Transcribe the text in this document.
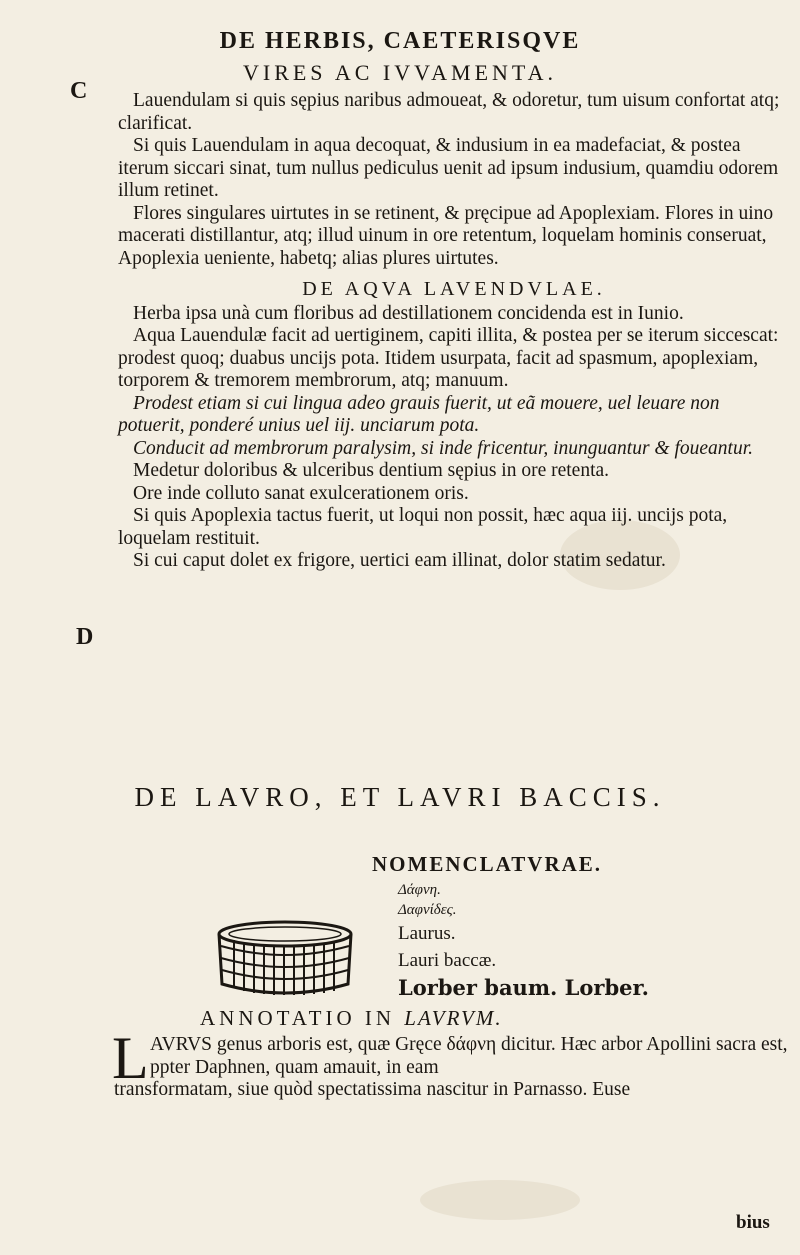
DE HERBIS, CAETERISQVE
VIRES AC IVVAMENTA.
C
D

Lauendulam si quis sępius naribus admoueat, & odoretur, tum uisum confortat atq; clarificat.

Si quis Lauendulam in aqua decoquat, & indusium in ea madefaciat, & postea iterum siccari sinat, tum nullus pediculus uenit ad ipsum indusium, quamdiu odorem illum retinet.

Flores singulares uirtutes in se retinent, & pręcipue ad Apoplexiam. Flores in uino macerati distillantur, atq; illud uinum in ore retentum, loquelam hominis conseruat, Apoplexia ueniente, habetq; alias plures uirtutes.

DE AQVA LAVENDVLAE.

Herba ipsa unà cum floribus ad destillationem concidenda est in Iunio.

Aqua Lauendulæ facit ad uertiginem, capiti illita, & postea per se iterum siccescat: prodest quoq; duabus uncijs pota. Itidem usurpata, facit ad spasmum, apoplexiam, torporem & tremorem membrorum, atq; manuum.

Prodest etiam si cui lingua adeo grauis fuerit, ut eã mouere, uel leuare non potuerit, ponderé unius uel iij. unciarum pota.

Conducit ad membrorum paralysim, si inde fricentur, inunguantur & foueantur.

Medetur doloribus & ulceribus dentium sępius in ore retenta.

Ore inde colluto sanat exulcerationem oris.

Si quis Apoplexia tactus fuerit, ut loqui non possit, hæc aqua iij. uncijs pota, loquelam restituit.

Si cui caput dolet ex frigore, uertici eam illinat, dolor statim sedatur.

DE LAVRO, ET LAVRI BACCIS.
NOMENCLATVRAE.
Δάφνη.
Δαφνίδες.
Laurus.
Lauri baccæ.
Lorber baum. Lorber.
ANNOTATIO IN LAVRVM.
L AVRVS genus arboris est, quæ Gręce δάφνη dicitur. Hæc arbor Apollini sacra est, ppter Daphnen, quam amauit, in eam

transformatam, siue quòd spectatissima nascitur in Parnasso. Euse

bius
